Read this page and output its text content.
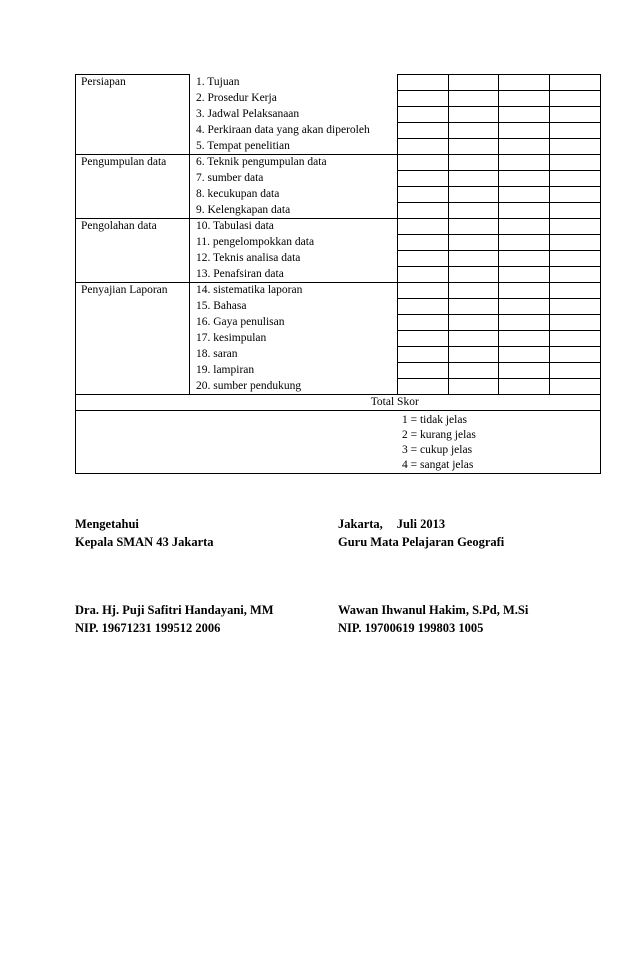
Persiapan	1. Tujuan				
	2. Prosedur Kerja				
	3. Jadwal Pelaksanaan				
	4. Perkiraan data yang akan diperoleh				
	5. Tempat penelitian				
Pengumpulan data	6. Teknik pengumpulan data				
	7. sumber data				
	8. kecukupan data				
	9. Kelengkapan data				
Pengolahan data	10. Tabulasi data				
	11. pengelompokkan data				
	12. Teknis analisa data				
	13. Penafsiran data				
Penyajian Laporan	14. sistematika laporan				
	15. Bahasa				
	16. Gaya penulisan				
	17. kesimpulan				
	18. saran				
	19. lampiran				
	20. sumber pendukung				
	Total Skor				

1 = tidak jelas
2 = kurang jelas
3 = cukup jelas
4 = sangat jelas					
Mengetahui
Kepala SMAN 43 Jakarta
Jakarta, Juli 2013
Guru Mata Pelajaran Geografi
Dra. Hj. Puji Safitri Handayani, MM
NIP. 19671231 199512 2006
Wawan Ihwanul Hakim, S.Pd, M.Si
NIP. 19700619 199803 1005
